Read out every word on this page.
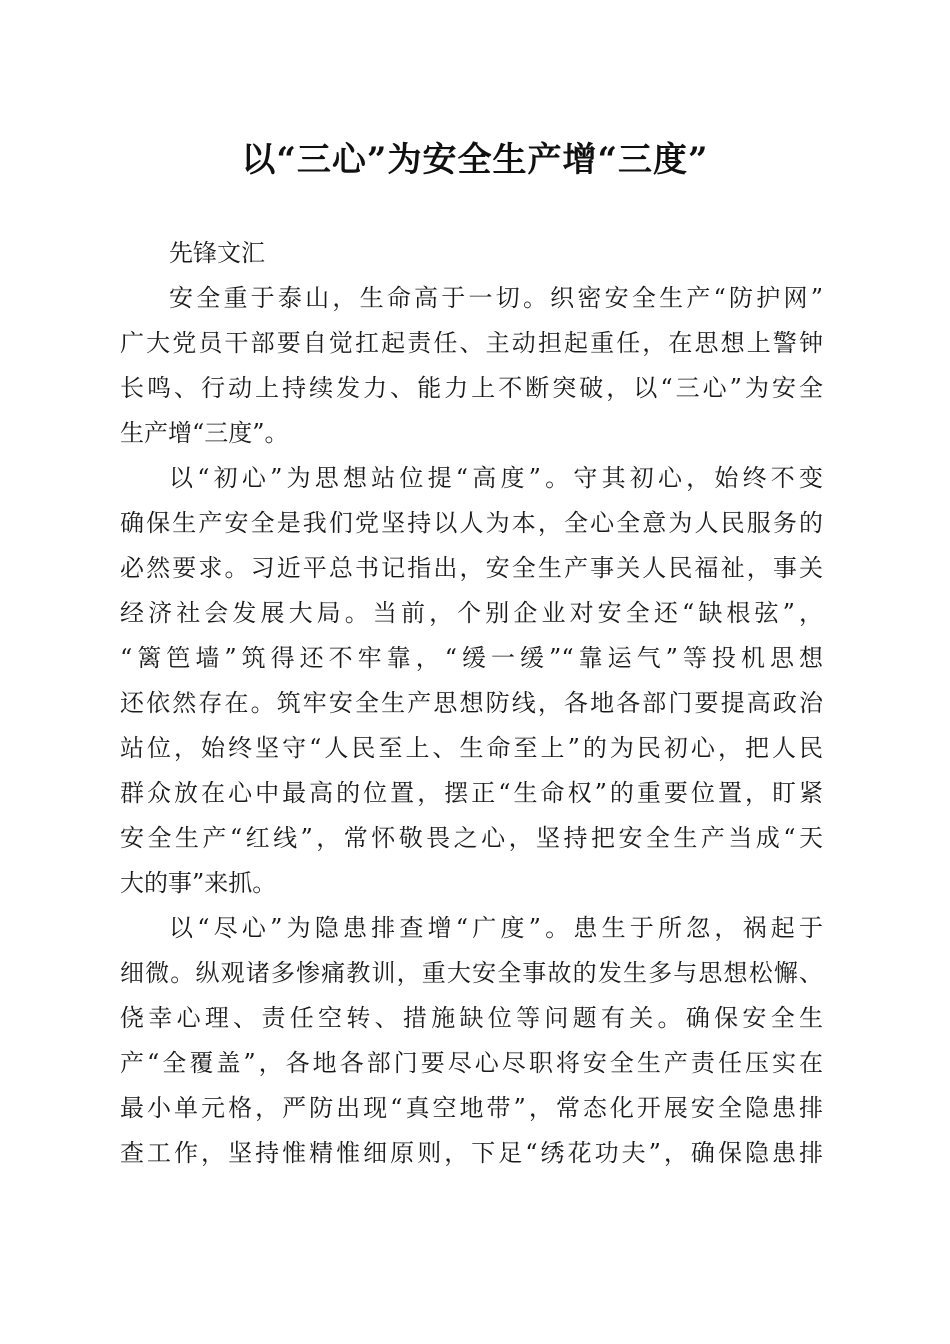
以“三心”为安全生产增“三度”
先锋文汇
安全重于泰山，生命高于一切。织密安全生产“防护网”
广大党员干部要自觉扛起责任、主动担起重任，在思想上警钟
长鸣、行动上持续发力、能力上不断突破，以“三心”为安全
生产增“三度”。
以“初心”为思想站位提“高度”。守其初心，始终不变
确保生产安全是我们党坚持以人为本，全心全意为人民服务的
必然要求。习近平总书记指出，安全生产事关人民福祉，事关
经济社会发展大局。当前，个别企业对安全还“缺根弦”，
“篱笆墙”筑得还不牢靠，“缓一缓”“靠运气”等投机思想
还依然存在。筑牢安全生产思想防线，各地各部门要提高政治
站位，始终坚守“人民至上、生命至上”的为民初心，把人民
群众放在心中最高的位置，摆正“生命权”的重要位置，盯紧
安全生产“红线”，常怀敬畏之心，坚持把安全生产当成“天
大的事”来抓。
以“尽心”为隐患排查增“广度”。患生于所忽，祸起于
细微。纵观诸多惨痛教训，重大安全事故的发生多与思想松懈、
侥幸心理、责任空转、措施缺位等问题有关。确保安全生
产“全覆盖”，各地各部门要尽心尽职将安全生产责任压实在
最小单元格，严防出现“真空地带”，常态化开展安全隐患排
查工作，坚持惟精惟细原则，下足“绣花功夫”，确保隐患排
